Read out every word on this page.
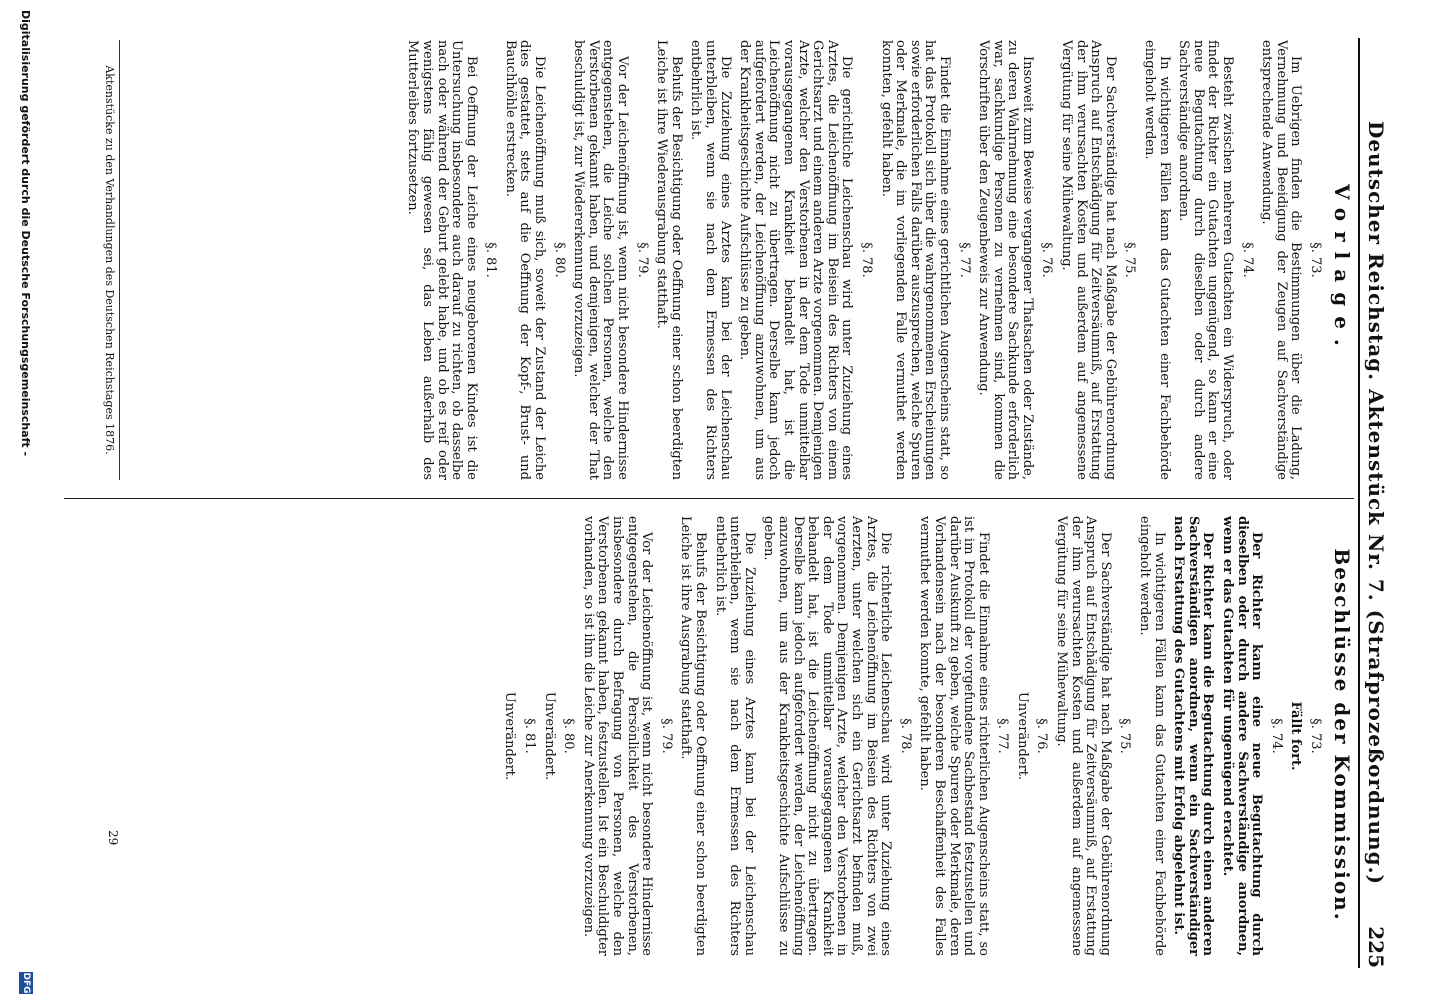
Deutscher Reichstag. Aktenstück Nr. 7. (Strafprozeßordnung.)
225
Vorlage.
Beschlüsse der Kommission.

§. 73.

Im Uebrigen finden die Bestimmungen über die Ladung, Vernehmung und Beeidigung der Zeugen auf Sachverständige entsprechende Anwendung.

§. 74.

Besteht zwischen mehreren Gutachten ein Widerspruch, oder findet der Richter ein Gutachten ungenügend, so kann er eine neue Begutachtung durch dieselben oder durch andere Sachverständige anordnen.

In wichtigeren Fällen kann das Gutachten einer Fachbehörde eingeholt werden.

§. 75.

Der Sachverständige hat nach Maßgabe der Gebührenordnung Anspruch auf Entschädigung für Zeitversäumniß, auf Erstattung der ihm verursachten Kosten und außerdem auf angemessene Vergütung für seine Mühewaltung.

§. 76.

Insoweit zum Beweise vergangener Thatsachen oder Zustände, zu deren Wahrnehmung eine besondere Sachkunde erforderlich war, sachkundige Personen zu vernehmen sind, kommen die Vorschriften über den Zeugenbeweis zur Anwendung.

§. 77.

Findet die Einnahme eines gerichtlichen Augenscheins statt, so hat das Protokoll sich über die wahrgenommenen Erscheinungen sowie erforderlichen Falls darüber auszusprechen, welche Spuren oder Merkmale, die im vorliegenden Falle vermuthet werden konnten, gefehlt haben.

§. 78.

Die gerichtliche Leichenschau wird unter Zuziehung eines Arztes, die Leichenöffnung im Beisein des Richters von einem Gerichtsarzt und einem anderen Arzte vorgenommen. Demjenigen Arzte, welcher den Verstorbenen in der dem Tode unmittelbar vorausgegangenen Krankheit behandelt hat, ist die Leichenöffnung nicht zu übertragen. Derselbe kann jedoch aufgefordert werden, der Leichenöffnung anzuwohnen, um aus der Krankheitsgeschichte Aufschlüsse zu geben.

Die Zuziehung eines Arztes kann bei der Leichenschau unterbleiben, wenn sie nach dem Ermessen des Richters entbehrlich ist.

Behufs der Besichtigung oder Oeffnung einer schon beerdigten Leiche ist ihre Wiederausgrabung statthaft.

§. 79.

Vor der Leichenöffnung ist, wenn nicht besondere Hindernisse entgegenstehen, die Leiche solchen Personen, welche den Verstorbenen gekannt haben, und demjenigen, welcher der That beschuldigt ist, zur Wiedererkennung vorzuzeigen.

§. 80.

Die Leichenöffnung muß sich, soweit der Zustand der Leiche dies gestattet, stets auf die Oeffnung der Kopf-, Brust- und Bauchhöhle erstrecken.

§. 81.

Bei Oeffnung der Leiche eines neugeborenen Kindes ist die Untersuchung insbesondere auch darauf zu richten, ob dasselbe nach oder während der Geburt gelebt habe, und ob es reif oder wenigstens fähig gewesen sei, das Leben außerhalb des Mutterleibes fortzusetzen.

§. 73.

Fällt fort.

§. 74.

Der Richter kann eine neue Begutachtung durch dieselben oder durch andere Sachverständige anordnen, wenn er das Gutachten für ungenügend erachtet.

Der Richter kann die Begutachtung durch einen anderen Sachverständigen anordnen, wenn ein Sachverständiger nach Erstattung des Gutachtens mit Erfolg abgelehnt ist.

In wichtigeren Fällen kann das Gutachten einer Fachbehörde eingeholt werden.

§. 75.

Der Sachverständige hat nach Maßgabe der Gebührenordnung Anspruch auf Entschädigung für Zeitversäumniß, auf Erstattung der ihm verursachten Kosten und außerdem auf angemessene Vergütung für seine Mühewaltung.

§. 76.

Unverändert.

§. 77.

Findet die Einnahme eines richterlichen Augenscheins statt, so ist im Protokoll der vorgefundene Sachbestand festzustellen und darüber Auskunft zu geben, welche Spuren oder Merkmale, deren Vorhandensein nach der besonderen Beschaffenheit des Falles vermuthet werden konnte, gefehlt haben.

§. 78.

Die richterliche Leichenschau wird unter Zuziehung eines Arztes, die Leichenöffnung im Beisein des Richters von zwei Aerzten, unter welchen sich ein Gerichtsarzt befinden muß, vorgenommen. Demjenigen Arzte, welcher den Verstorbenen in der dem Tode unmittelbar vorausgegangenen Krankheit behandelt hat, ist die Leichenöffnung nicht zu übertragen. Derselbe kann jedoch aufgefordert werden, der Leichenöffnung anzuwohnen, um aus der Krankheitsgeschichte Aufschlüsse zu geben.

Die Zuziehung eines Arztes kann bei der Leichenschau unterbleiben, wenn sie nach dem Ermessen des Richters entbehrlich ist.

Behufs der Besichtigung oder Oeffnung einer schon beerdigten Leiche ist ihre Ausgrabung statthaft.

§. 79.

Vor der Leichenöffnung ist, wenn nicht besondere Hindernisse entgegenstehen, die Persönlichkeit des Verstorbenen, insbesondere durch Befragung von Personen, welche den Verstorbenen gekannt haben, festzustellen. Ist ein Beschuldigter vorhanden, so ist ihm die Leiche zur Anerkennung vorzuzeigen.

§. 80.

Unverändert.

§. 81.

Unverändert.

Aktenstücke zu den Verhandlungen des Deutschen Reichstages 1876.
29
Digitalisierung gefördert durch die Deutsche Forschungsgemeinschaft -
DFG
